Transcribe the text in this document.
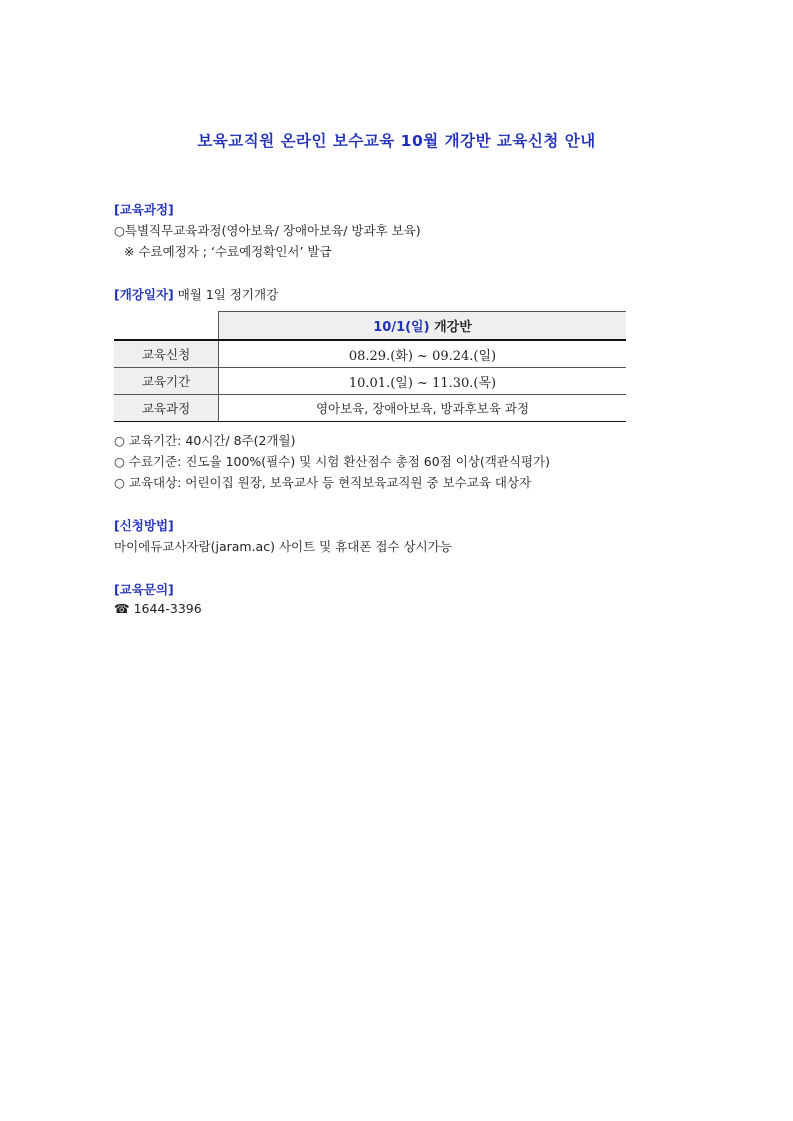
보육교직원 온라인 보수교육 10월 개강반 교육신청 안내
[교육과정]
○특별직무교육과정(영아보육/ 장애아보육/ 방과후 보육)
※ 수료예정자 ; ‘수료예정확인서’ 발급
[개강일자] 매월 1일 정기개강
	10/1(일) 개강반
교육신청	08.29.(화) ~ 09.24.(일)
교육기간	10.01.(일) ~ 11.30.(목)
교육과정	영아보육, 장애아보육, 방과후보육 과정
○ 교육기간: 40시간/ 8주(2개월)
○ 수료기준: 진도율 100%(필수) 및 시험 환산점수 총점 60점 이상(객관식평가)
○ 교육대상: 어린이집 원장, 보육교사 등 현직보육교직원 중 보수교육 대상자
[신청방법]
마이에듀교사자람(jaram.ac) 사이트 및 휴대폰 접수 상시가능
[교육문의]
☎ 1644-3396
